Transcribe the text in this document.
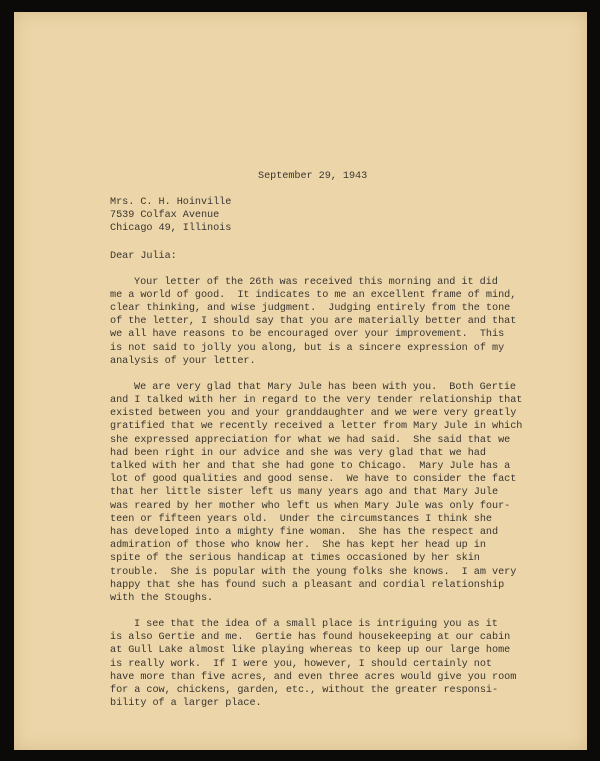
September 29, 1943
Mrs. C. H. Hoinville
7539 Colfax Avenue
Chicago 49, Illinois
Dear Julia:
Your letter of the 26th was received this morning and it did
me a world of good.  It indicates to me an excellent frame of mind,
clear thinking, and wise judgment.  Judging entirely from the tone
of the letter, I should say that you are materially better and that
we all have reasons to be encouraged over your improvement.  This
is not said to jolly you along, but is a sincere expression of my
analysis of your letter.
We are very glad that Mary Jule has been with you.  Both Gertie
and I talked with her in regard to the very tender relationship that
existed between you and your granddaughter and we were very greatly
gratified that we recently received a letter from Mary Jule in which
she expressed appreciation for what we had said.  She said that we
had been right in our advice and she was very glad that we had
talked with her and that she had gone to Chicago.  Mary Jule has a
lot of good qualities and good sense.  We have to consider the fact
that her little sister left us many years ago and that Mary Jule
was reared by her mother who left us when Mary Jule was only four-
teen or fifteen years old.  Under the circumstances I think she
has developed into a mighty fine woman.  She has the respect and
admiration of those who know her.  She has kept her head up in
spite of the serious handicap at times occasioned by her skin
trouble.  She is popular with the young folks she knows.  I am very
happy that she has found such a pleasant and cordial relationship
with the Stoughs.
I see that the idea of a small place is intriguing you as it
is also Gertie and me.  Gertie has found housekeeping at our cabin
at Gull Lake almost like playing whereas to keep up our large home
is really work.  If I were you, however, I should certainly not
have more than five acres, and even three acres would give you room
for a cow, chickens, garden, etc., without the greater responsi-
bility of a larger place.
